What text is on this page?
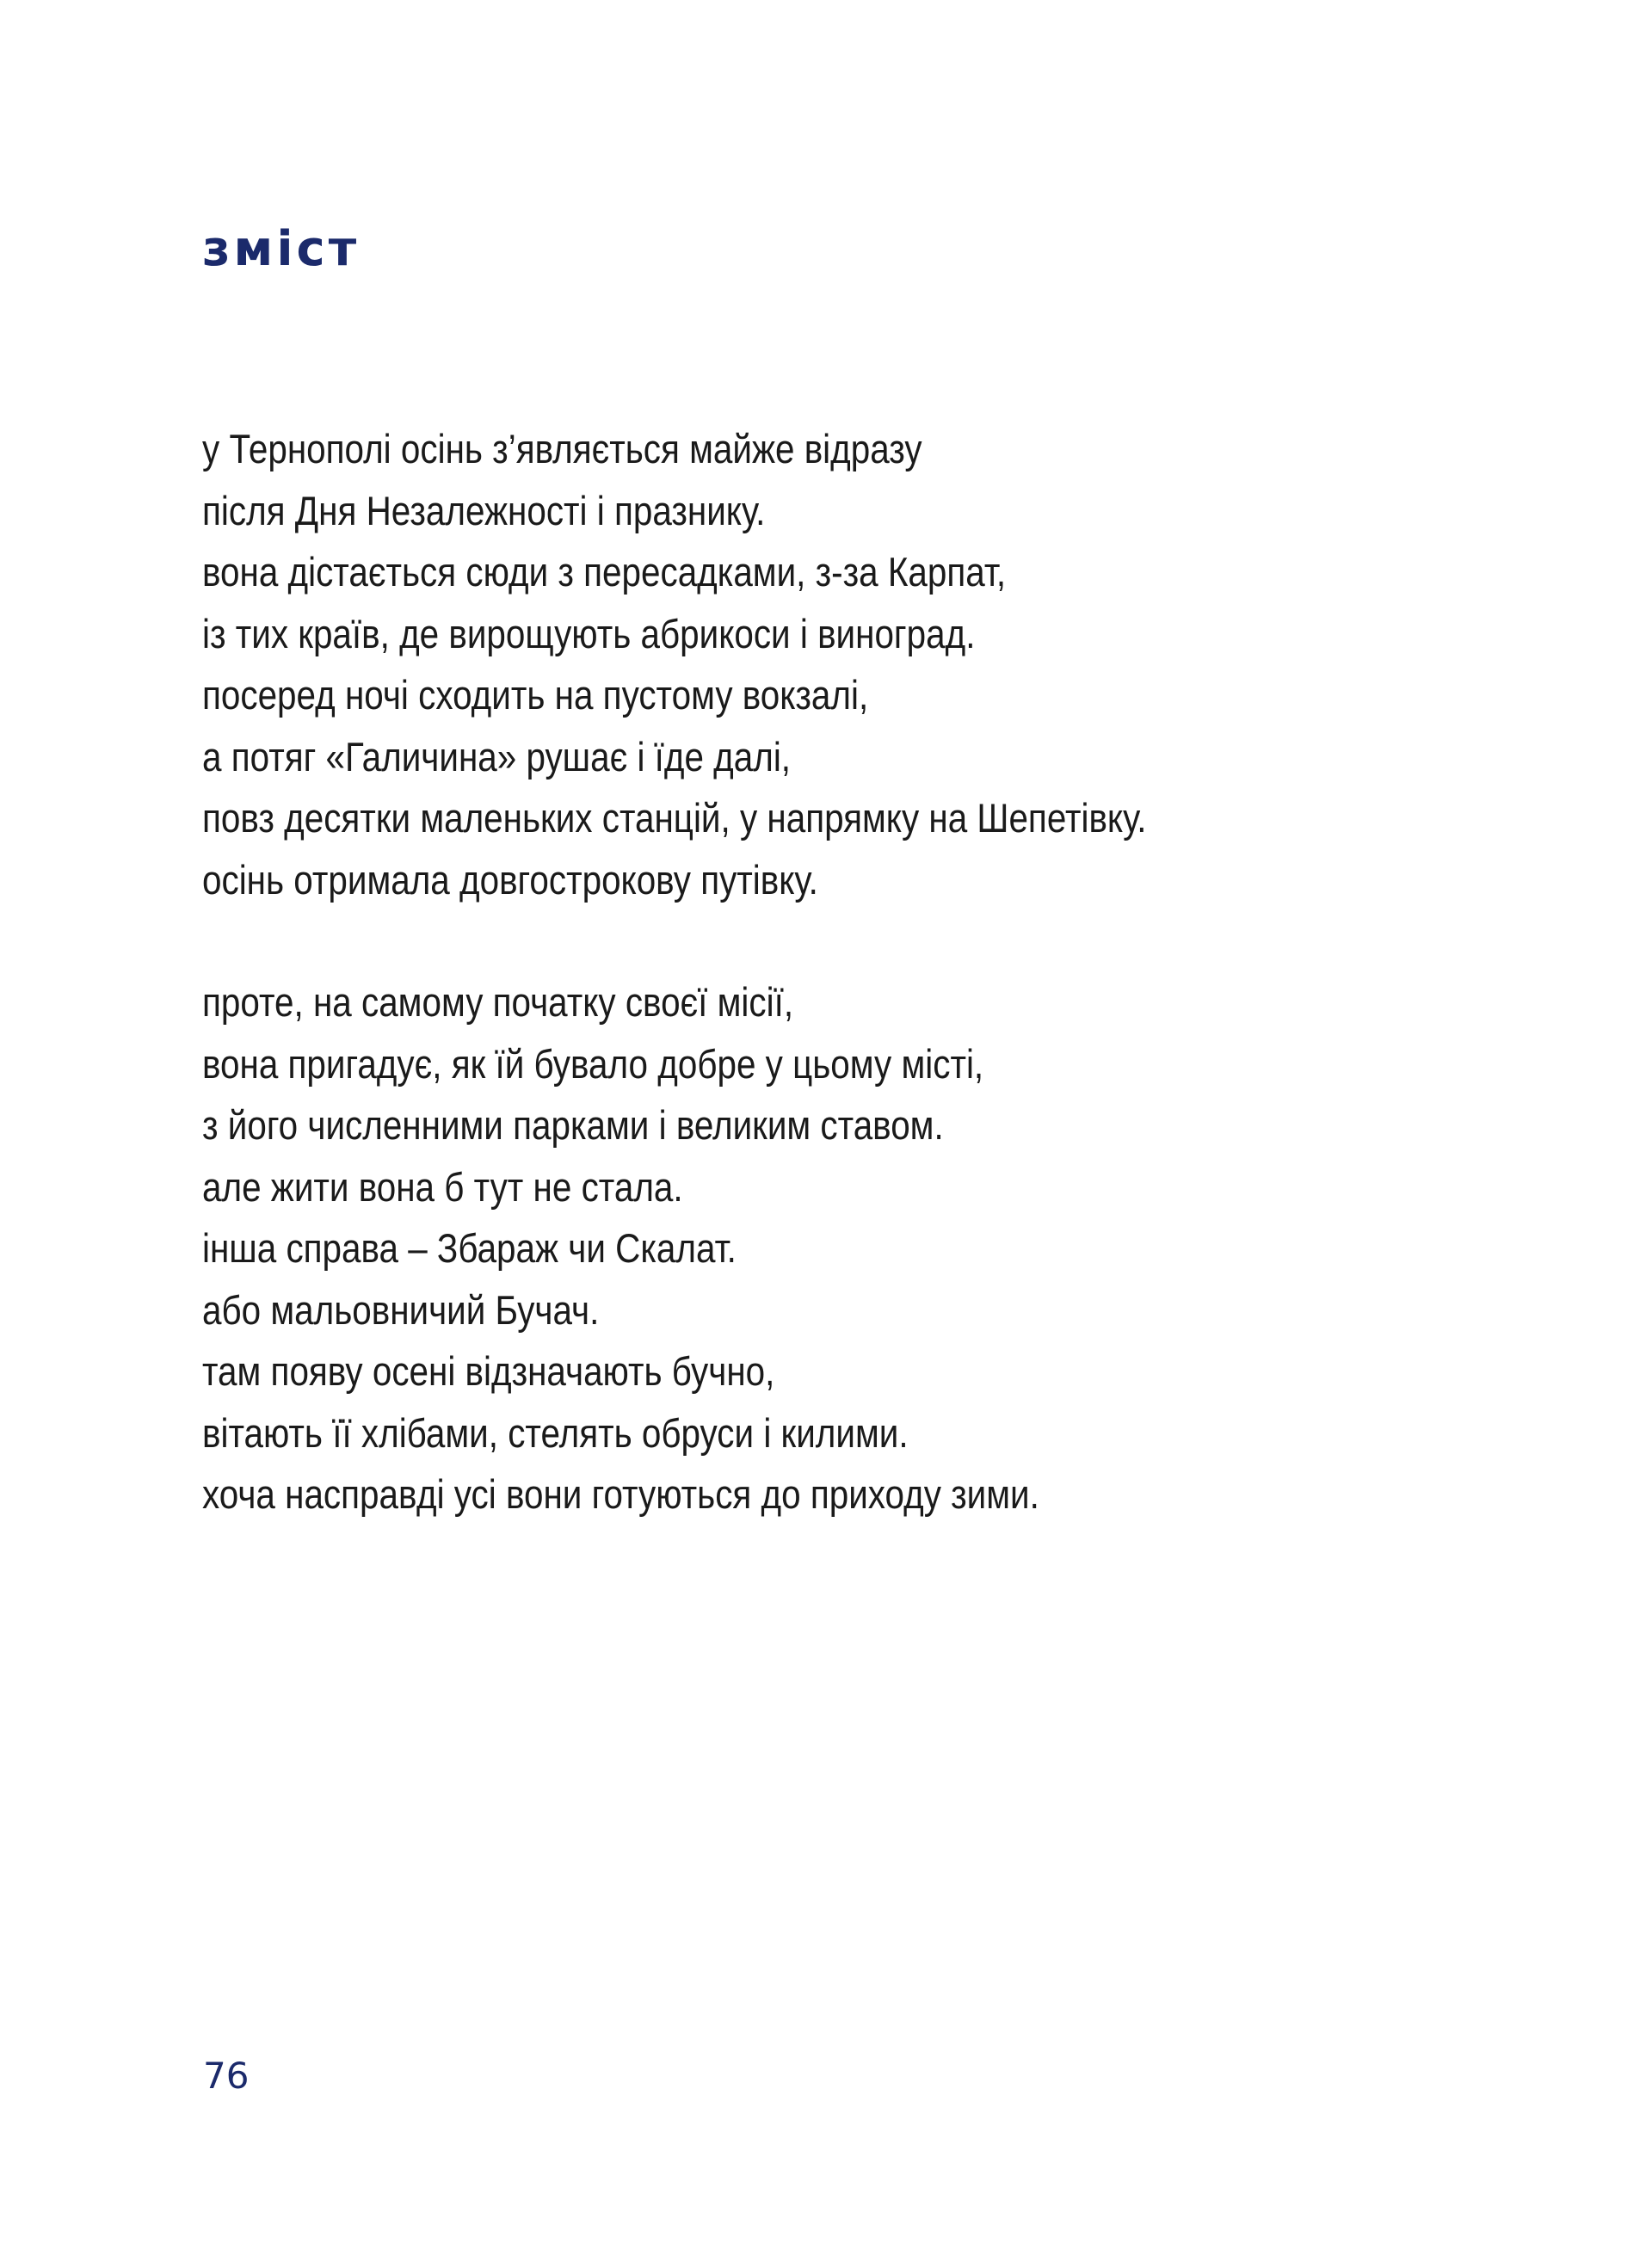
зміст

у Тернополі осінь з’являється майже відразу
після Дня Незалежності і празнику.
вона дістається сюди з пересадками, з-за Карпат,
із тих країв, де вирощують абрикоси і виноград.
посеред ночі сходить на пустому вокзалі,
а потяг «Галичина» рушає і їде далі,
повз десятки маленьких станцій, у напрямку на Шепетівку.
осінь отримала довгострокову путівку.

проте, на самому початку своєї місії,
вона пригадує, як їй бувало добре у цьому місті,
з його численними парками і великим ставом.
але жити вона б тут не стала.
інша справа – Збараж чи Скалат.
або мальовничий Бучач.
там появу осені відзначають бучно,
вітають її хлібами, стелять обруси і килими.
хоча насправді усі вони готуються до приходу зими.

76
